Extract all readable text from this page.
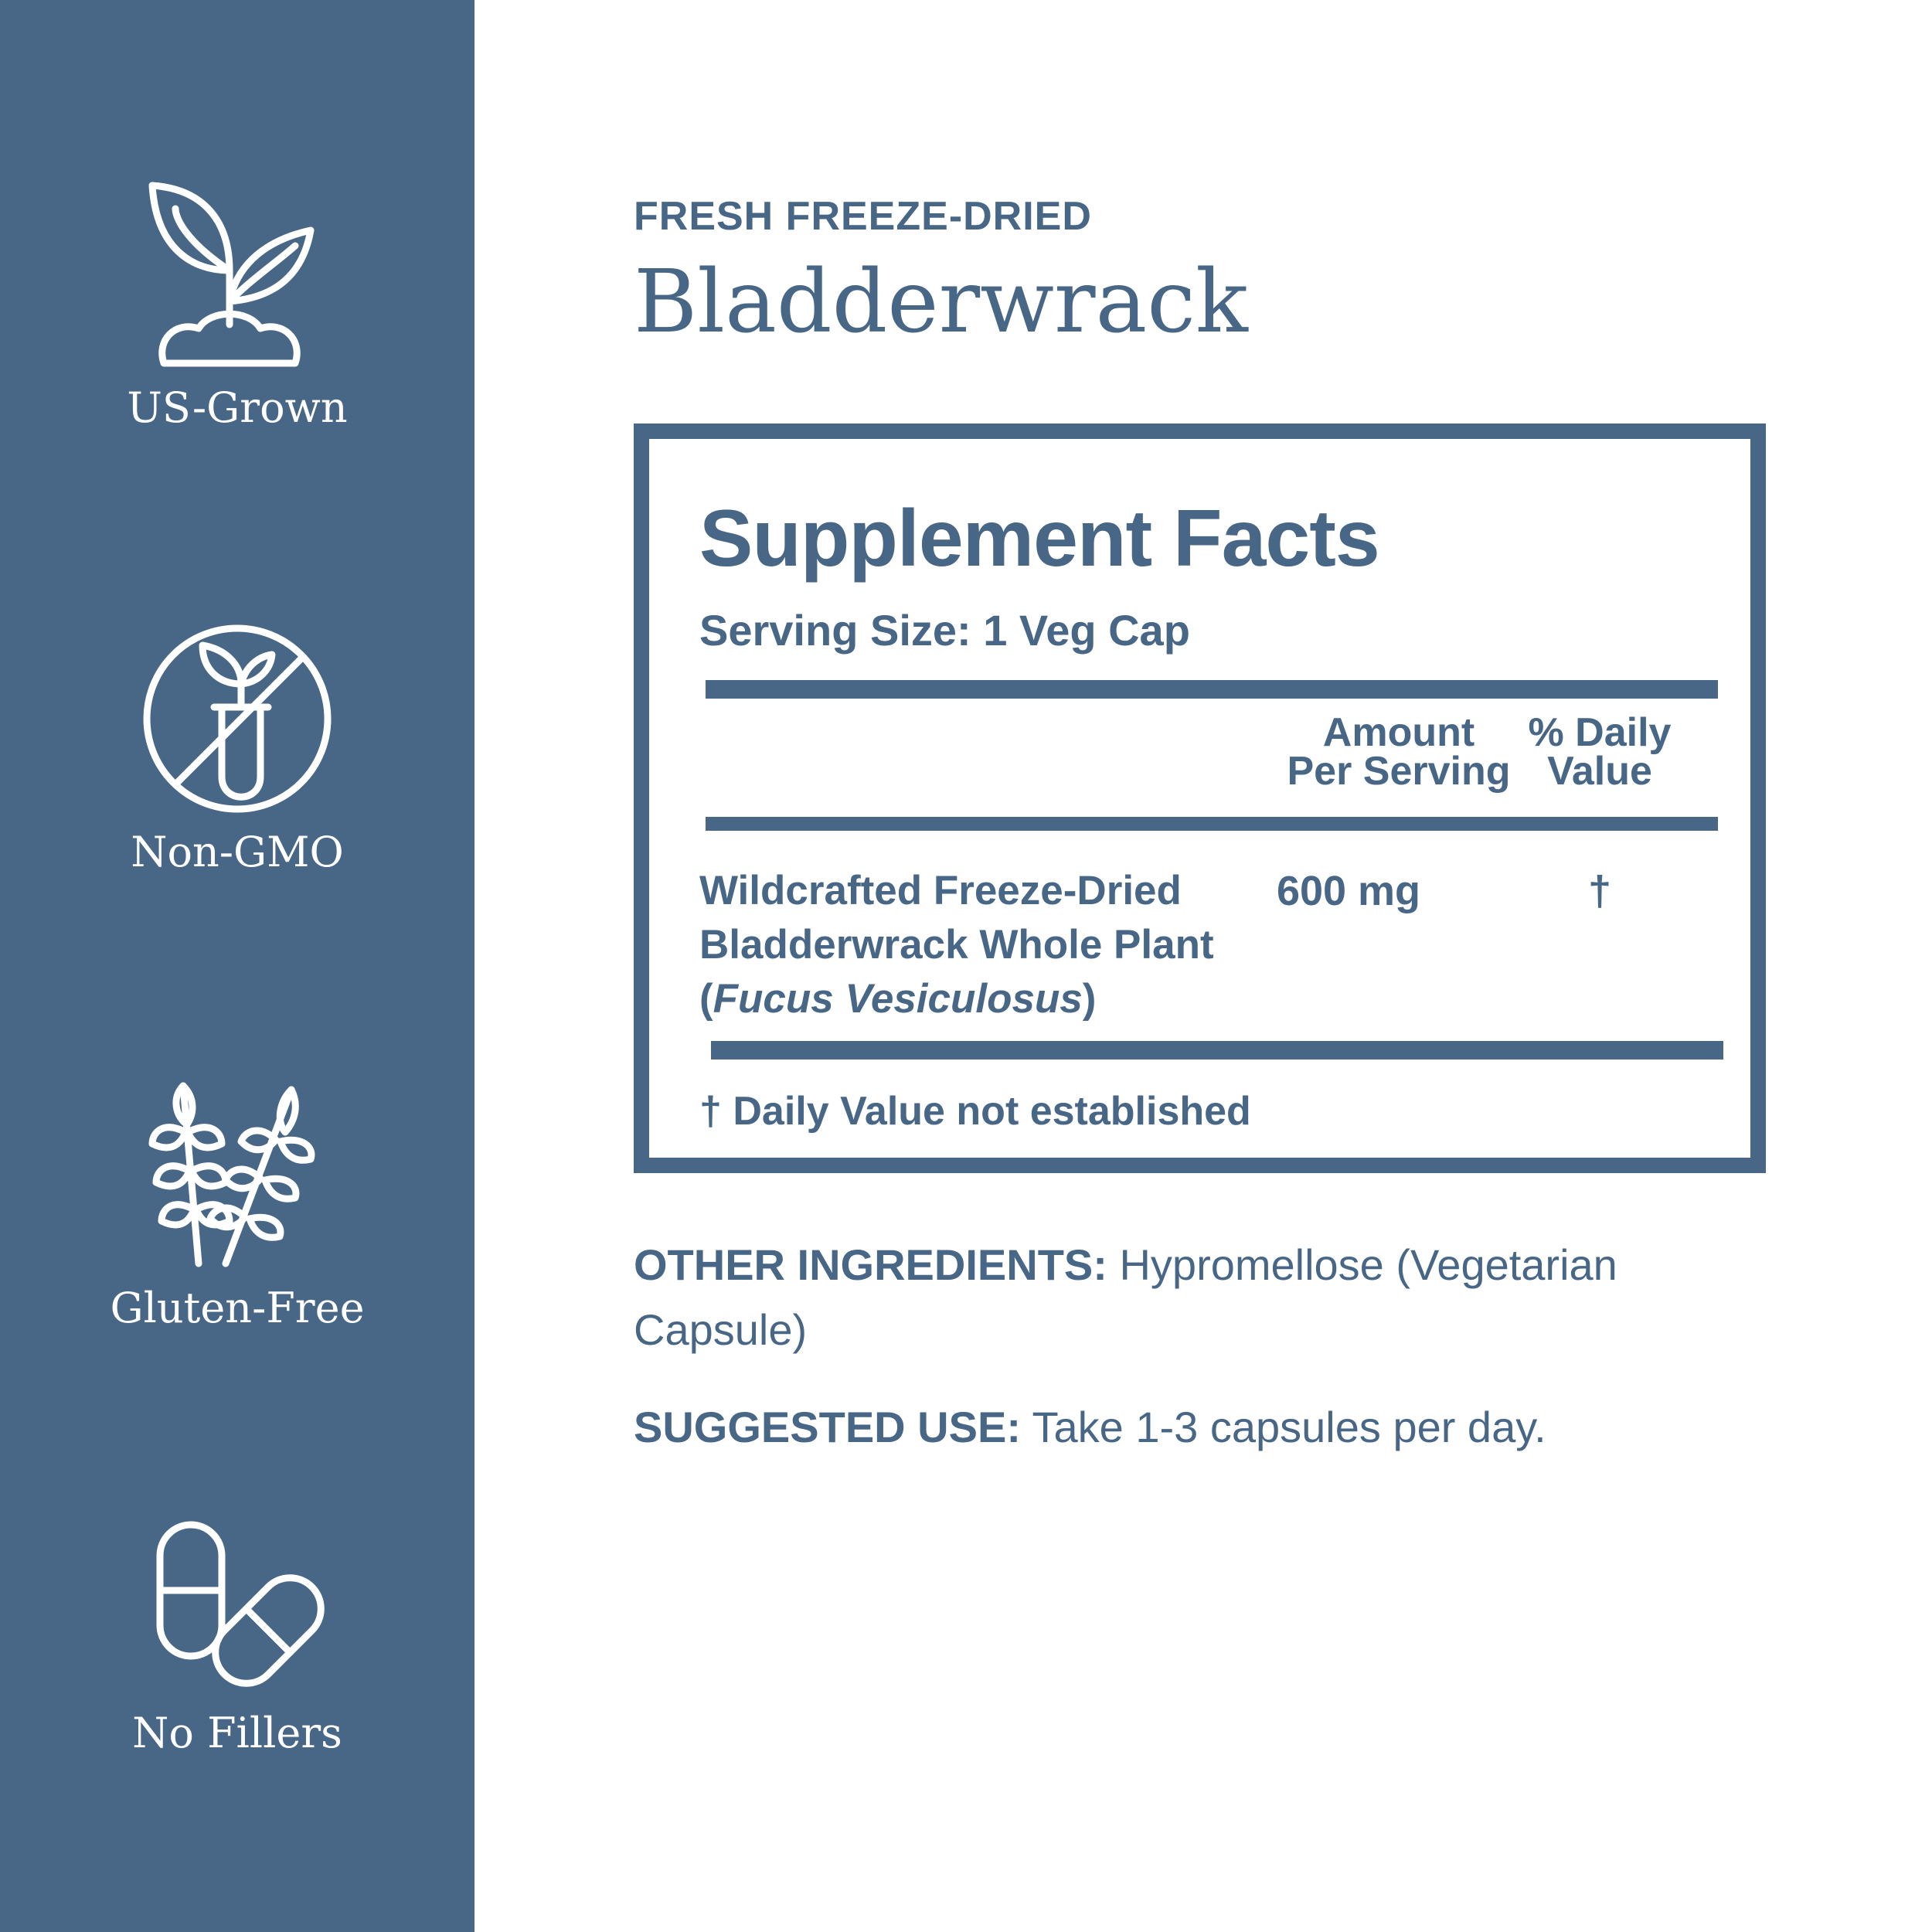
US-Grown
Non-GMO
Gluten-Free
No Fillers
FRESH FREEZE-DRIED
Bladderwrack
Supplement Facts
Serving Size: 1 Veg Cap
Amount
Per Serving
% Daily
Value
Wildcrafted Freeze-Dried
Bladderwrack Whole Plant
(Fucus Vesiculosus)
600 mg	†
† Daily Value not established
OTHER INGREDIENTS: Hypromellose (Vegetarian Capsule)
SUGGESTED USE: Take 1-3 capsules per day.
